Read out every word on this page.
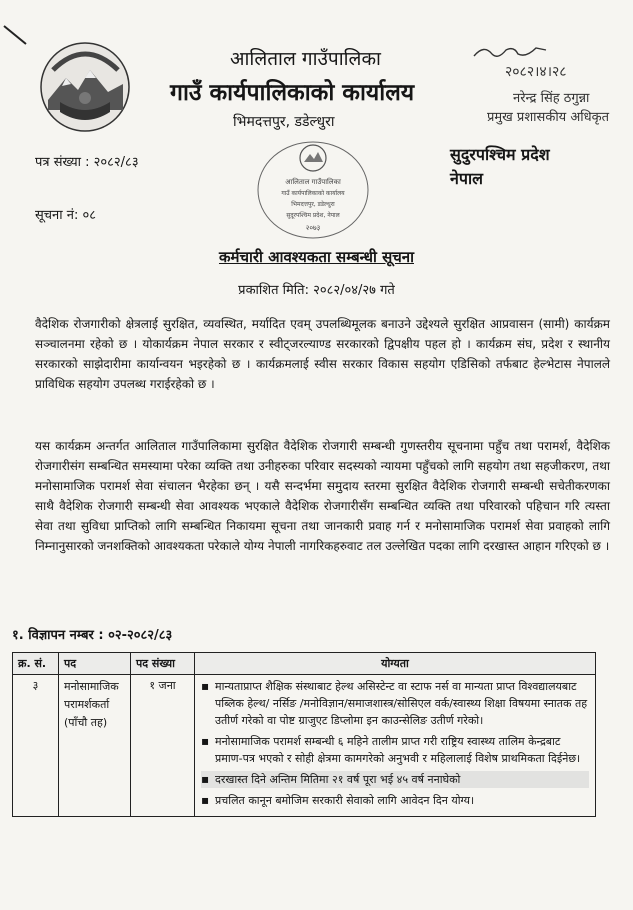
आलिताल गाउँपालिका
गाउँ कार्यपालिकाको कार्यालय
भिमदत्तपुर, डडेल्धुरा
२०८२।४।२८
नरेन्द्र सिंह ठगुन्ना
प्रमुख प्रशासकीय अधिकृत
आलिताल गाउँपालिका
गाउँ कार्यपालिकाको कार्यालय
भिमदत्तपुर, डडेल्धुरा
सुदूरपश्चिम प्रदेश, नेपाल
२०७३
सुदुरपश्चिम प्रदेश
नेपाल
पत्र संख्या : २०८२/८३
सूचना नं: ०८
कर्मचारी आवश्यकता सम्बन्धी सूचना
प्रकाशित मिति: २०८२/०४/२७ गते
वैदेशिक रोजगारीको क्षेत्रलाई सुरक्षित, व्यवस्थित, मर्यादित एवम् उपलब्धिमूलक बनाउने उद्देश्यले सुरक्षित आप्रवासन (सामी) कार्यक्रम सञ्चालनमा रहेको छ । योकार्यक्रम नेपाल सरकार र स्वीट्जरल्याण्ड सरकारको द्विपक्षीय पहल हो । कार्यक्रम संघ, प्रदेश र स्थानीय सरकारको साझेदारीमा कार्यान्वयन भइरहेको छ । कार्यक्रमलाई स्वीस सरकार विकास सहयोग एडिसिको तर्फबाट हेल्भेटास नेपालले प्राविधिक सहयोग उपलब्ध गराईरहेको छ ।
यस कार्यक्रम अन्तर्गत आलिताल गाउँपालिकामा सुरक्षित वैदेशिक रोजगारी सम्बन्धी गुणस्तरीय सूचनामा पहुँच तथा परामर्श, वैदेशिक रोजगारीसंग सम्बन्धित समस्यामा परेका व्यक्ति तथा उनीहरुका परिवार सदस्यको न्यायमा पहुँचको लागि सहयोग तथा सहजीकरण, तथा मनोसामाजिक परामर्श सेवा संचालन भैरहेका छन् । यसै सन्दर्भमा समुदाय स्तरमा सुरक्षित वैदेशिक रोजगारी सम्बन्धी सचेतीकरणका साथै वैदेशिक रोजगारी सम्बन्धी सेवा आवश्यक भएकाले वैदेशिक रोजगारीसँग सम्बन्धित व्यक्ति तथा परिवारको पहिचान गरि त्यस्ता सेवा तथा सुविधा प्राप्तिको लागि सम्बन्धित निकायमा सूचना तथा जानकारी प्रवाह गर्न र मनोसामाजिक परामर्श सेवा प्रवाहको लागि निम्नानुसारको जनशक्तिको आवश्यकता परेकाले योग्य नेपाली नागरिकहरुवाट तल उल्लेखित पदका लागि दरखास्त आहान गरिएको छ ।
१. विज्ञापन नम्बर : ०२-२०८२/८३
क्र. सं.	पद	पद संख्या	योग्यता
३	मनोसामाजिक परामर्शकर्ता (पाँचौ तह)	१ जना	▪ मान्यताप्राप्त शैक्षिक संस्थाबाट हेल्थ असिस्टेन्ट वा स्टाफ नर्स वा मान्यता प्राप्त विश्वद्यालयबाट पब्लिक हेल्थ/ नर्सिङ /मनोविज्ञान/समाजशास्त्र/सोसिएल वर्क/स्वास्थ्य शिक्षा विषयमा स्नातक तह उतीर्ण गरेको वा पोष्ट ग्राजुएट डिप्लोमा इन काउन्सेलिङ उतीर्ण गरेको।
▪ मनोसामाजिक परामर्श सम्बन्धी ६ महिने तालीम प्राप्त गरी राष्ट्रिय स्वास्थ्य तालिम केन्द्रबाट प्रमाण-पत्र भएको र सोही क्षेत्रमा कामगरेको अनुभवी र महिलालाई विशेष प्राथमिकता दिईनेछ।
▪ दरखास्त दिने अन्तिम मितिमा २१ वर्ष पूरा भई ४५ वर्ष ननाघेको
▪ प्रचलित कानून बमोजिम सरकारी सेवाको लागि आवेदन दिन योग्य।
